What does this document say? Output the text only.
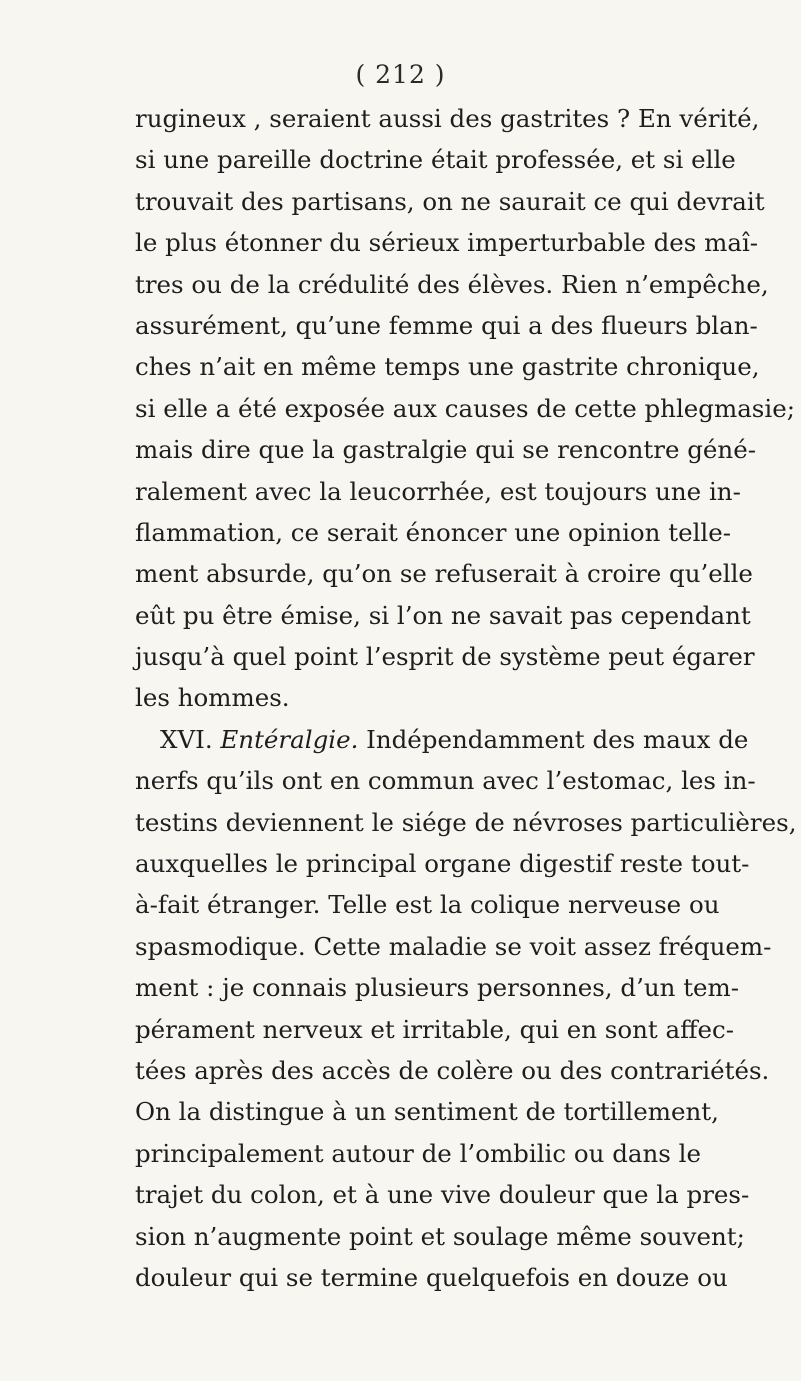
( 212 )
rugineux , seraient aussi des gastrites ? En vérité,
si une pareille doctrine était professée, et si elle
trouvait des partisans, on ne saurait ce qui devrait
le plus étonner du sérieux imperturbable des maî-
tres ou de la crédulité des élèves. Rien n’empêche,
assurément, qu’une femme qui a des flueurs blan-
ches n’ait en même temps une gastrite chronique,
si elle a été exposée aux causes de cette phlegmasie;
mais dire que la gastralgie qui se rencontre géné-
ralement avec la leucorrhée, est toujours une in-
flammation, ce serait énoncer une opinion telle-
ment absurde, qu’on se refuserait à croire qu’elle
eût pu être émise, si l’on ne savait pas cependant
jusqu’à quel point l’esprit de système peut égarer
les hommes.
XVI. Entéralgie. Indépendamment des maux de
nerfs qu’ils ont en commun avec l’estomac, les in-
testins deviennent le siége de névroses particulières,
auxquelles le principal organe digestif reste tout-
à-fait étranger. Telle est la colique nerveuse ou
spasmodique. Cette maladie se voit assez fréquem-
ment : je connais plusieurs personnes, d’un tem-
pérament nerveux et irritable, qui en sont affec-
tées après des accès de colère ou des contrariétés.
On la distingue à un sentiment de tortillement,
principalement autour de l’ombilic ou dans le
trajet du colon, et à une vive douleur que la pres-
sion n’augmente point et soulage même souvent;
douleur qui se termine quelquefois en douze ou
